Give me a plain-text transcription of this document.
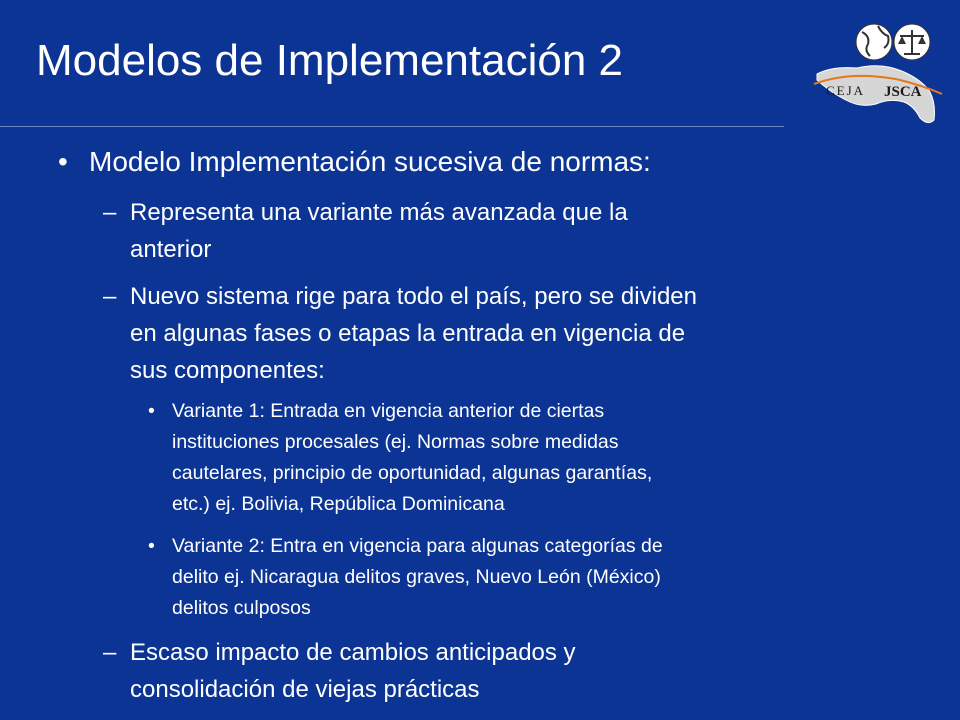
Modelos de Implementación 2
CEJA JSCA
• Modelo Implementación sucesiva de normas:
– Representa una variante más avanzada que la
anterior
– Nuevo sistema rige para todo el país, pero se dividen
en algunas fases o etapas la entrada en vigencia de
sus componentes:
• Variante 1: Entrada en vigencia anterior de ciertas
instituciones procesales (ej. Normas sobre medidas
cautelares, principio de oportunidad, algunas garantías,
etc.) ej. Bolivia, República Dominicana
• Variante 2: Entra en vigencia para algunas categorías de
delito ej. Nicaragua delitos graves, Nuevo León (México)
delitos culposos
– Escaso impacto de cambios anticipados y
consolidación de viejas prácticas
